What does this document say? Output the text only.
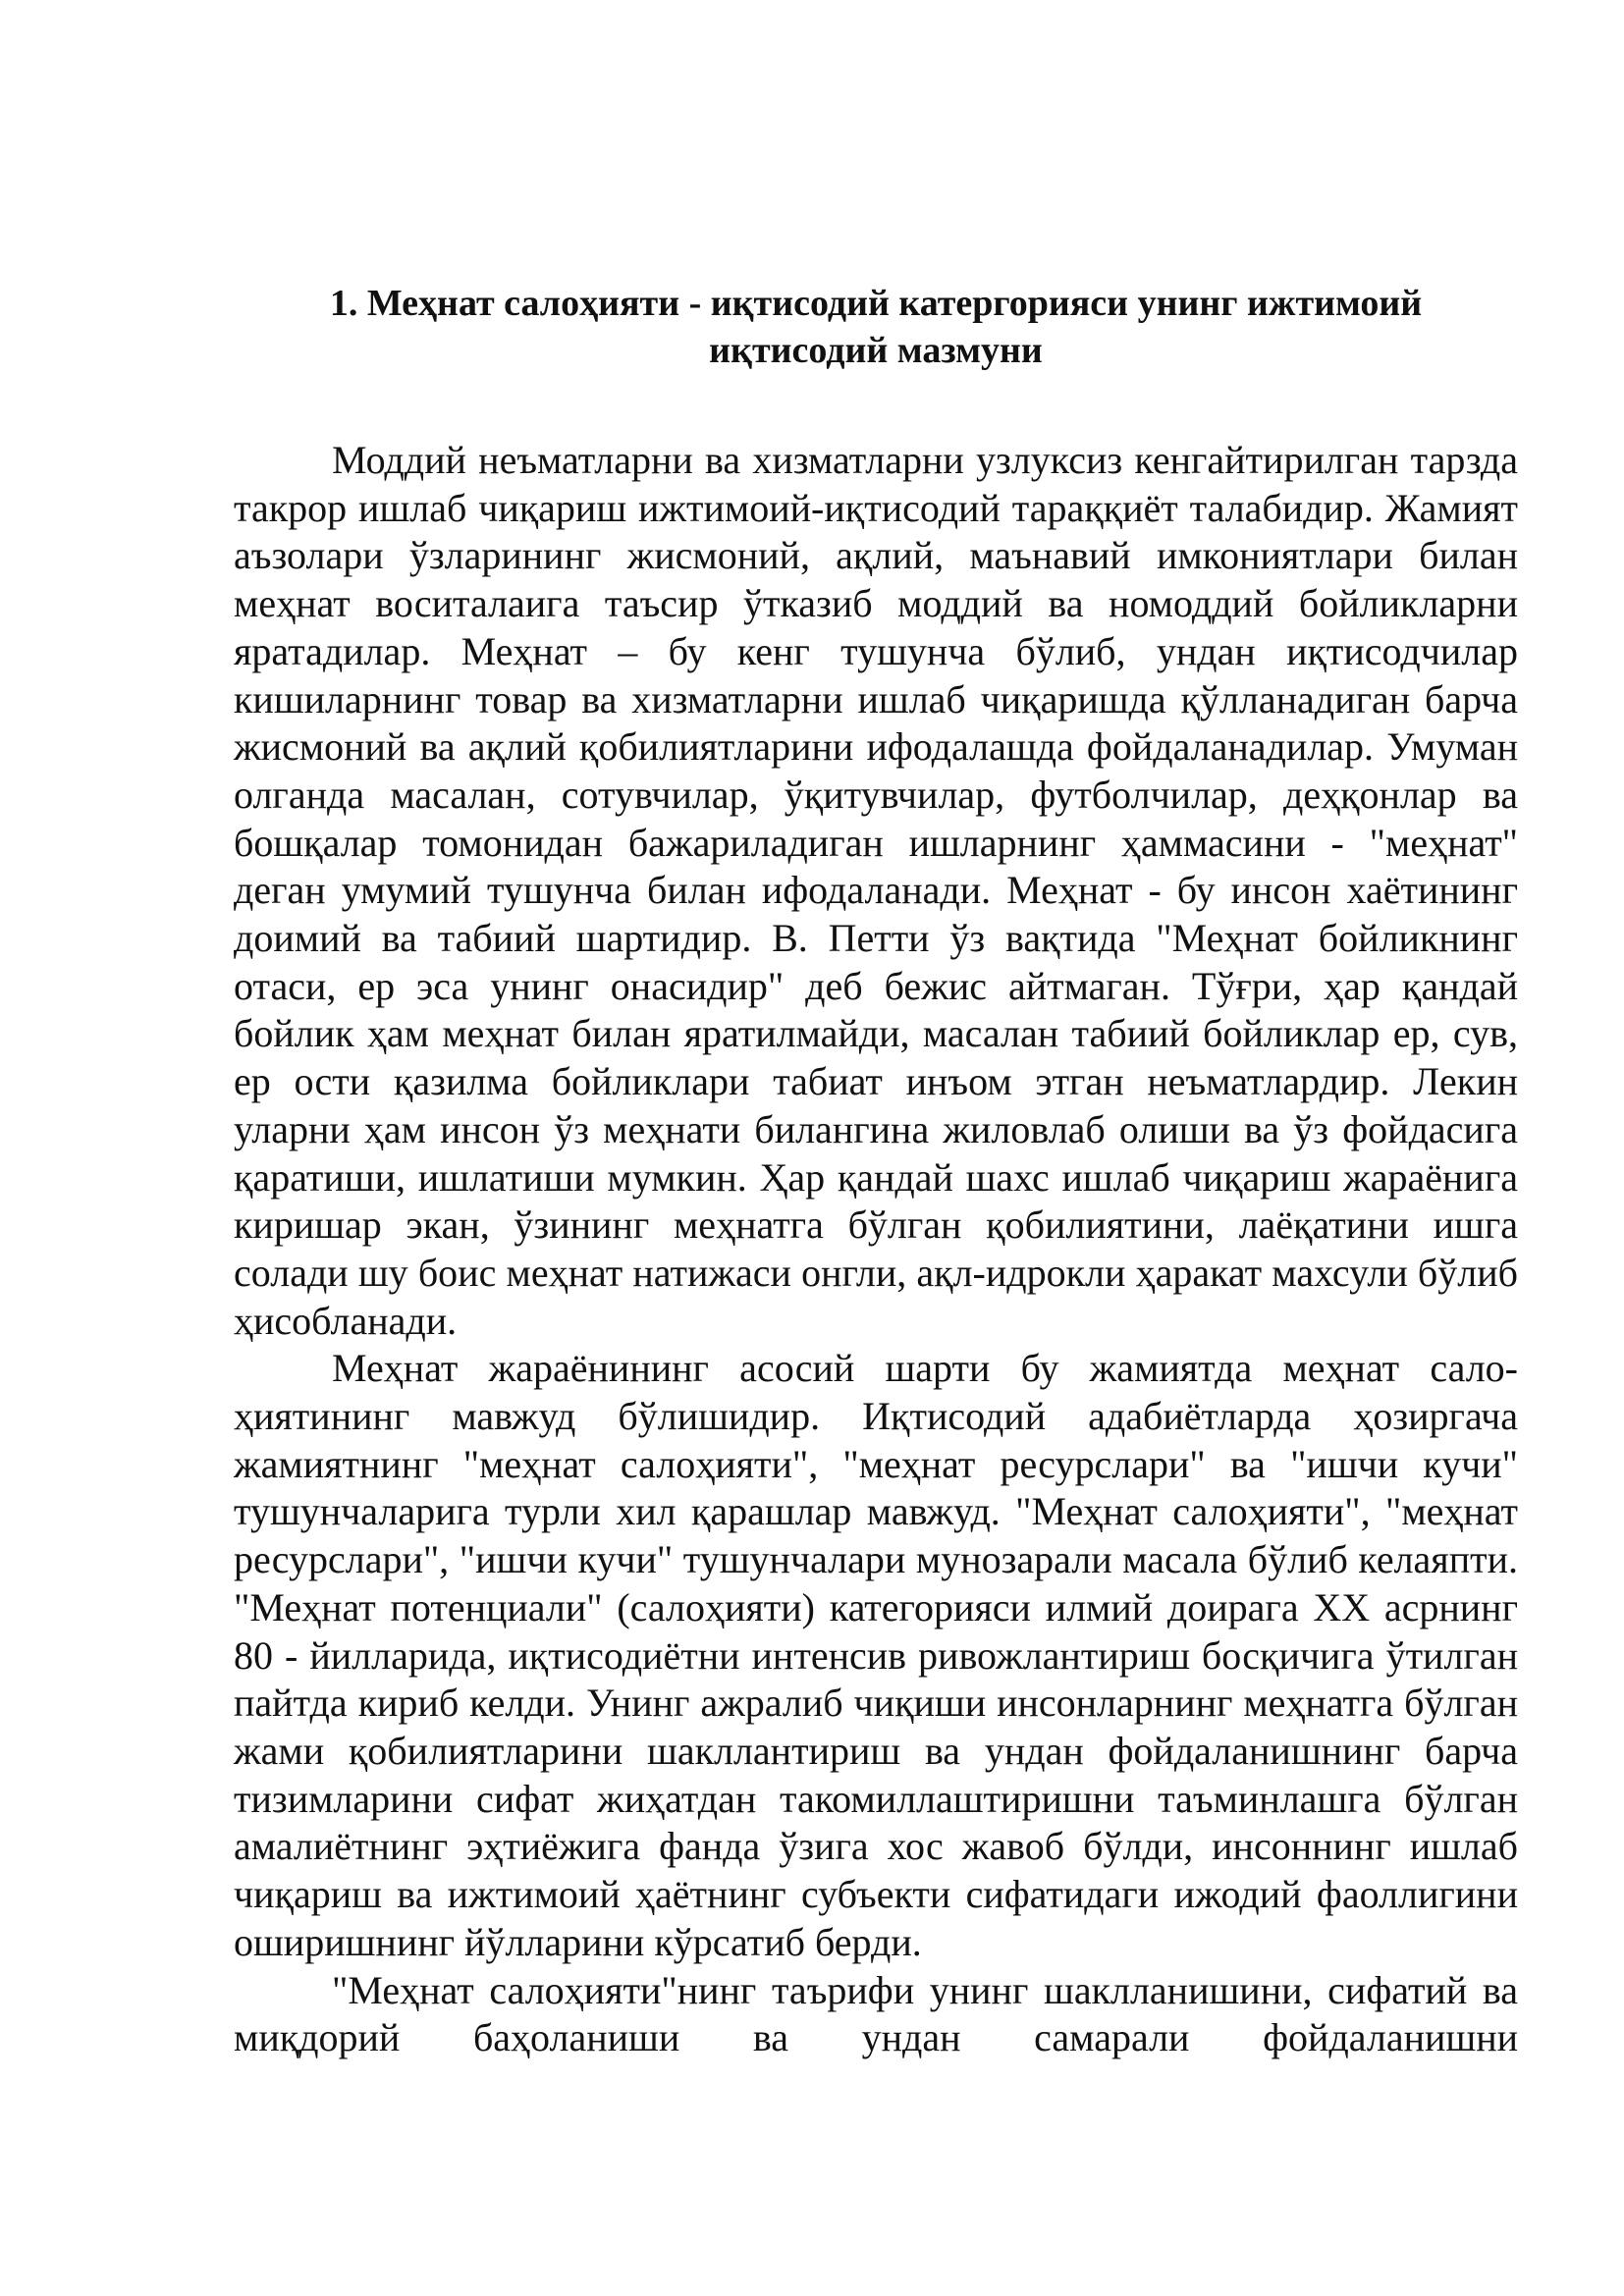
1. Меҳнат салоҳияти - иқтисодий катергорияси унинг ижтимоий иқтисодий мазмуни

Моддий неъматларни ва хизматларни узлуксиз кенгайтирилган тарзда такрор ишлаб чиқариш ижтимоий-иқтисодий тараққиёт талабидир. Жамият аъзолари ўзларининг жисмоний, ақлий, маънавий имкониятлари билан меҳнат воситалаига таъсир ўтказиб моддий ва номоддий бойликларни яратадилар. Меҳнат – бу кенг тушунча бўлиб, ундан иқтисодчилар кишиларнинг товар ва хизматларни ишлаб чиқаришда қўлланадиган барча жисмоний ва ақлий қобилиятларини ифодалашда фойдаланадилар. Умуман олганда масалан, сотувчилар, ўқитувчилар, футболчилар, деҳқонлар ва бошқалар томонидан бажариладиган ишларнинг ҳаммасини - "меҳнат" деган умумий тушунча билан ифодаланади. Меҳнат - бу инсон хаётининг доимий ва табиий шартидир. В. Петти ўз вақтида "Меҳнат бойликнинг отаси, ер эса унинг онасидир" деб бежис айтмаган. Тўғри, ҳар қандай бойлик ҳам меҳнат билан яратилмайди, масалан табиий бойликлар ер, сув, ер ости қазилма бойликлари табиат инъом этган неъматлардир. Лекин уларни ҳам инсон ўз меҳнати билангина жиловлаб олиши ва ўз фойдасига қаратиши, ишлатиши мумкин. Ҳар қандай шахс ишлаб чиқариш жараёнига киришар экан, ўзининг меҳнатга бўлган қобилиятини, лаёқатини ишга солади шу боис меҳнат натижаси онгли, ақл-идрокли ҳаракат махсули бўлиб ҳисобланади.

Меҳнат жараёнининг асосий шарти бу жамиятда меҳнат салоҳиятининг мавжуд бўлишидир. Иқтисодий адабиётларда ҳозиргача жамиятнинг "меҳнат салоҳияти", "меҳнат ресурслари" ва "ишчи кучи" тушунчаларига турли хил қарашлар мавжуд. "Меҳнат салоҳияти", "меҳнат ресурслари", "ишчи кучи" тушунчалари мунозарали масала бўлиб келаяпти. "Меҳнат потенциали" (салоҳияти) категорияси илмий доирага XX асрнинг 80 - йилларида, иқтисодиётни интенсив ривожлантириш босқичига ўтилган пайтда кириб келди. Унинг ажралиб чиқиши инсонларнинг меҳнатга бўлган жами қобилиятларини шакллантириш ва ундан фойдаланишнинг барча тизимларини сифат жиҳатдан такомиллаштиришни таъминлашга бўлган амалиётнинг эҳтиёжига фанда ўзига хос жавоб бўлди, инсоннинг ишлаб чиқариш ва ижтимоий ҳаётнинг субъекти сифатидаги ижодий фаоллигини оширишнинг йўлларини кўрсатиб берди.

"Меҳнат салоҳияти"нинг таърифи унинг шаклланишини, сифатий ва миқдорий баҳоланиши ва ундан самарали фойдаланишни
